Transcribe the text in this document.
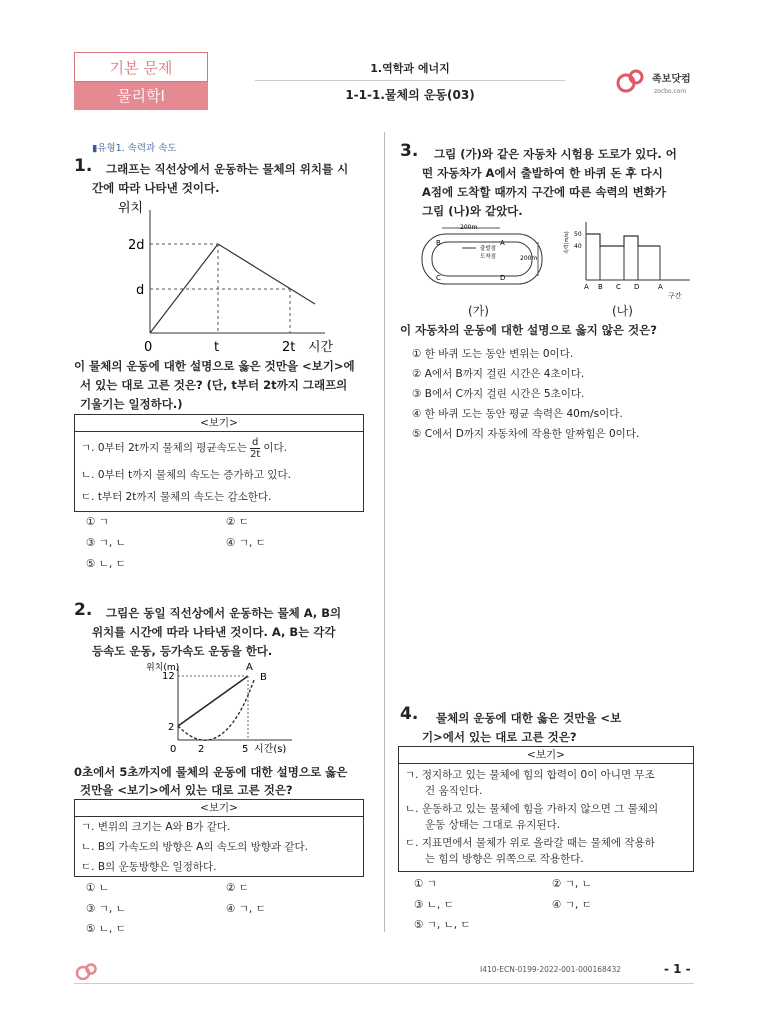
기본 문제
물리학Ⅰ
1.역학과 에너지
1-1-1.물체의 운동(03)
족보닷컴
zocbo.com
▮유형1. 속력과 속도
1. 그래프는 직선상에서 운동하는 물체의 위치를 시
간에 따라 나타낸 것이다.
위치
2d
d
0	t	2t 시간
이 물체의 운동에 대한 설명으로 옳은 것만을 <보기>에
서 있는 대로 고른 것은? (단, t부터 2t까지 그래프의
기울기는 일정하다.)
<보기>
ㄱ. 0부터 2t까지 물체의 평균속도는 $\frac{d}{2t}$ 이다.
ㄴ. 0부터 t까지 물체의 속도는 증가하고 있다.
ㄷ. t부터 2t까지 물체의 속도는 감소한다.
① ㄱ	② ㄷ
③ ㄱ, ㄴ	④ ㄱ, ㄷ
⑤ ㄴ, ㄷ
2. 그림은 동일 직선상에서 운동하는 물체 A, B의
위치를 시간에 따라 나타낸 것이다. A, B는 각각
등속도 운동, 등가속도 운동을 한다.
위치(m)
12
2
0 2	5 시간(s)
A
B
0초에서 5초까지에 물체의 운동에 대한 설명으로 옳은
것만을 <보기>에서 있는 대로 고른 것은?
<보기>
ㄱ. 변위의 크기는 A와 B가 같다.
ㄴ. B의 가속도의 방향은 A의 속도의 방향과 같다.
ㄷ. B의 운동방향은 일정하다.
① ㄴ	② ㄷ
③ ㄱ, ㄴ	④ ㄱ, ㄷ
⑤ ㄴ, ㄷ
3. 그림 (가)와 같은 자동차 시험용 도로가 있다. 어
떤 자동차가 A에서 출발하여 한 바퀴 돈 후 다시
A점에 도착할 때까지 구간에 따른 속력의 변화가
그림 (나)와 같았다.
200m
200m
출발점
도착점
B	A
C	D
속력(m/s) 50
40
A B C D	A
구간
(가)	(나)
이 자동차의 운동에 대한 설명으로 옳지 않은 것은?
① 한 바퀴 도는 동안 변위는 0이다.
② A에서 B까지 걸린 시간은 4초이다.
③ B에서 C까지 걸린 시간은 5초이다.
④ 한 바퀴 도는 동안 평균 속력은 40m/s이다.
⑤ C에서 D까지 자동차에 작용한 알짜힘은 0이다.
4. 물체의 운동에 대한 옳은 것만을 <보
기>에서 있는 대로 고른 것은?
<보기>
ㄱ. 정지하고 있는 물체에 힘의 합력이 0이 아니면 무조
건 움직인다.
ㄴ. 운동하고 있는 물체에 힘을 가하지 않으면 그 물체의
운동 상태는 그대로 유지된다.
ㄷ. 지표면에서 물체가 위로 올라갈 때는 물체에 작용하
는 힘의 방향은 위쪽으로 작용한다.
① ㄱ	② ㄱ, ㄴ
③ ㄴ, ㄷ	④ ㄱ, ㄷ
⑤ ㄱ, ㄴ, ㄷ
I410-ECN-0199-2022-001-000168432	- 1 -
